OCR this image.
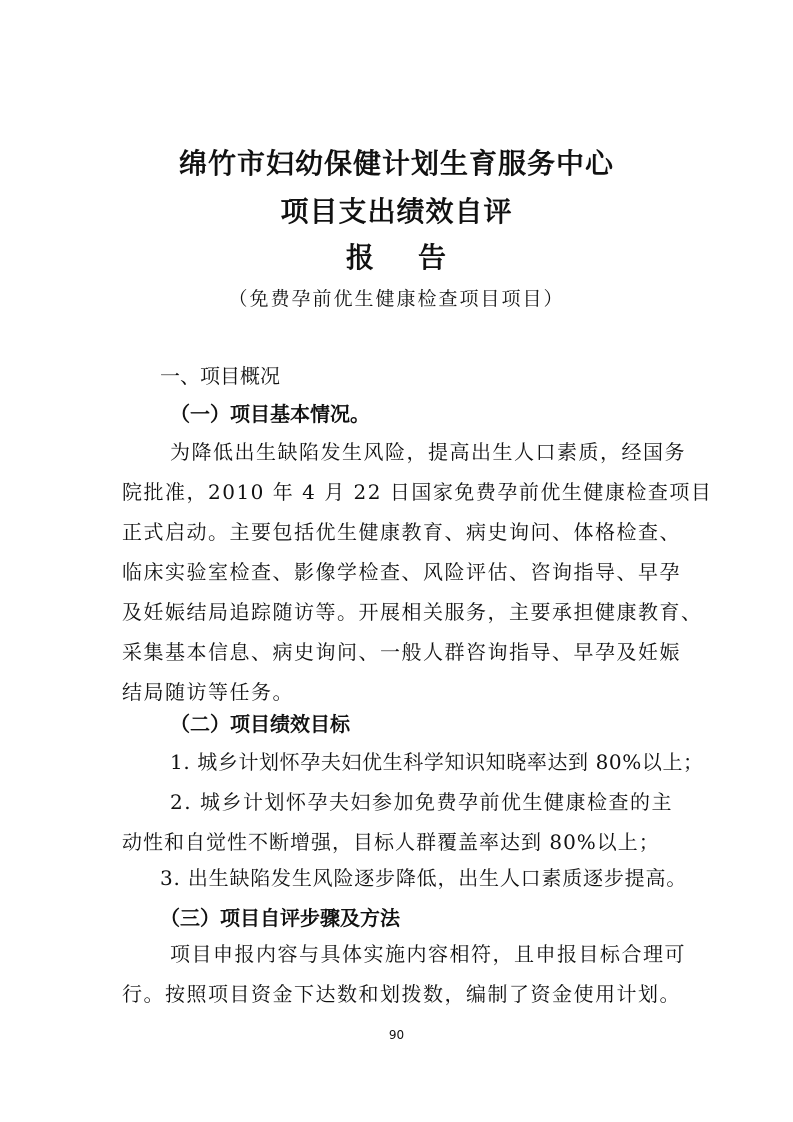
绵竹市妇幼保健计划生育服务中心
项目支出绩效自评
报    告
（免费孕前优生健康检查项目项目）
一、项目概况
（一）项目基本情况。
为降低出生缺陷发生风险，提高出生人口素质，经国务
院批准，2010 年 4 月 22 日国家免费孕前优生健康检查项目
正式启动。主要包括优生健康教育、病史询问、体格检查、
临床实验室检查、影像学检查、风险评估、咨询指导、早孕
及妊娠结局追踪随访等。开展相关服务，主要承担健康教育、
采集基本信息、病史询问、一般人群咨询指导、早孕及妊娠
结局随访等任务。
（二）项目绩效目标
1. 城乡计划怀孕夫妇优生科学知识知晓率达到 80%以上；
2. 城乡计划怀孕夫妇参加免费孕前优生健康检查的主
动性和自觉性不断增强，目标人群覆盖率达到 80%以上；
3. 出生缺陷发生风险逐步降低，出生人口素质逐步提高。
（三）项目自评步骤及方法
项目申报内容与具体实施内容相符，且申报目标合理可
行。按照项目资金下达数和划拨数，编制了资金使用计划。
90
